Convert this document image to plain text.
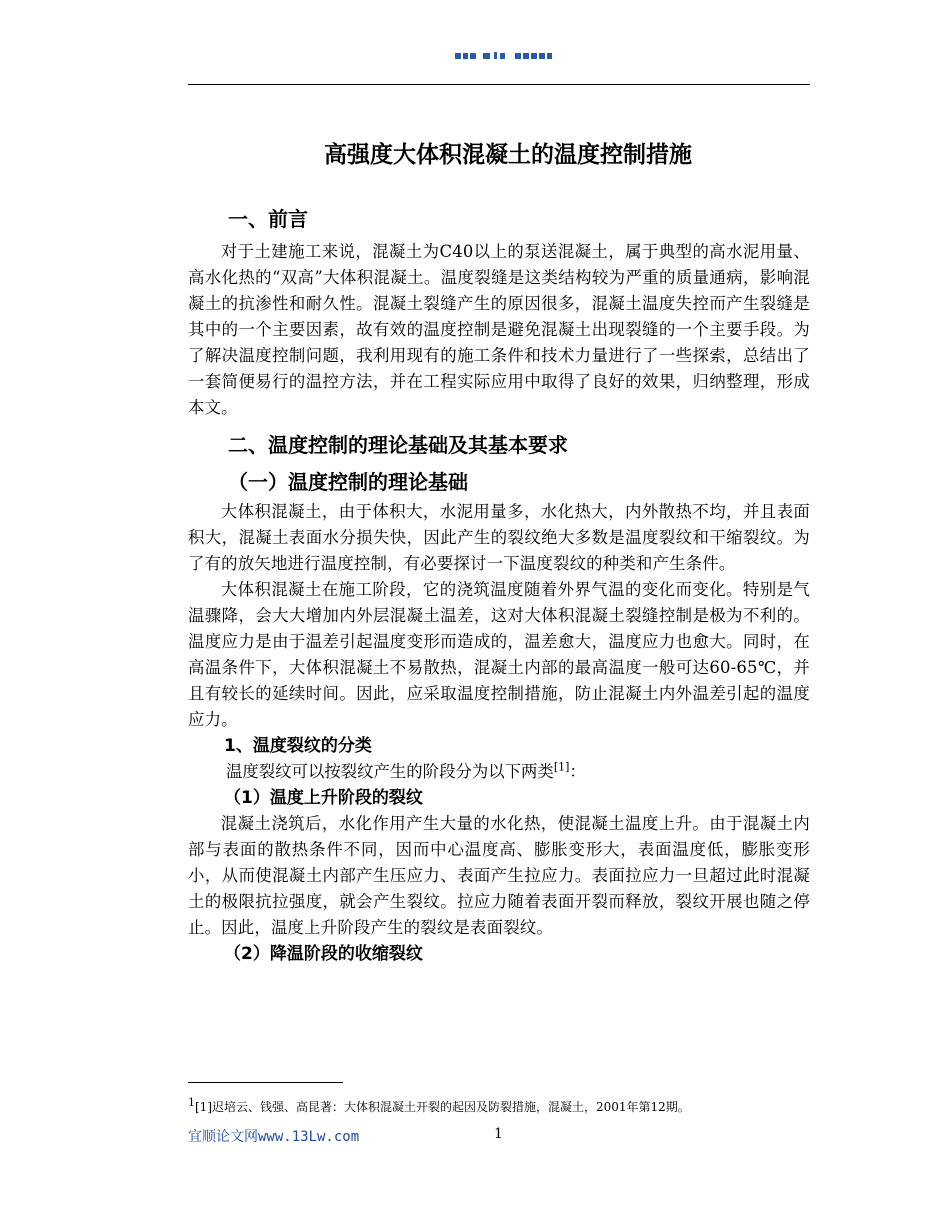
高强度大体积混凝土的温度控制措施
一、前言

对于土建施工来说，混凝土为C40以上的泵送混凝土，属于典型的高水泥用量、高水化热的“双高”大体积混凝土。温度裂缝是这类结构较为严重的质量通病，影响混凝土的抗渗性和耐久性。混凝土裂缝产生的原因很多，混凝土温度失控而产生裂缝是其中的一个主要因素，故有效的温度控制是避免混凝土出现裂缝的一个主要手段。为了解决温度控制问题，我利用现有的施工条件和技术力量进行了一些探索，总结出了一套简便易行的温控方法，并在工程实际应用中取得了良好的效果，归纳整理，形成本文。

二、温度控制的理论基础及其基本要求
（一）温度控制的理论基础

大体积混凝土，由于体积大，水泥用量多，水化热大，内外散热不均，并且表面积大，混凝土表面水分损失快，因此产生的裂纹绝大多数是温度裂纹和干缩裂纹。为了有的放矢地进行温度控制，有必要探讨一下温度裂纹的种类和产生条件。

大体积混凝土在施工阶段，它的浇筑温度随着外界气温的变化而变化。特别是气温骤降，会大大增加内外层混凝土温差，这对大体积混凝土裂缝控制是极为不利的。温度应力是由于温差引起温度变形而造成的，温差愈大，温度应力也愈大。同时，在高温条件下，大体积混凝土不易散热，混凝土内部的最高温度一般可达60-65℃，并且有较长的延续时间。因此，应采取温度控制措施，防止混凝土内外温差引起的温度应力。

1、温度裂纹的分类

温度裂纹可以按裂纹产生的阶段分为以下两类[1]：

（1）温度上升阶段的裂纹

混凝土浇筑后，水化作用产生大量的水化热，使混凝土温度上升。由于混凝土内部与表面的散热条件不同，因而中心温度高、膨胀变形大，表面温度低，膨胀变形小，从而使混凝土内部产生压应力、表面产生拉应力。表面拉应力一旦超过此时混凝土的极限抗拉强度，就会产生裂纹。拉应力随着表面开裂而释放，裂纹开展也随之停止。因此，温度上升阶段产生的裂纹是表面裂纹。

（2）降温阶段的收缩裂纹
$^1$[1]迟培云、钱强、高昆著：大体积混凝土开裂的起因及防裂措施，混凝土，2001年第12期。
宜顺论文网www.13Lw.com	1
